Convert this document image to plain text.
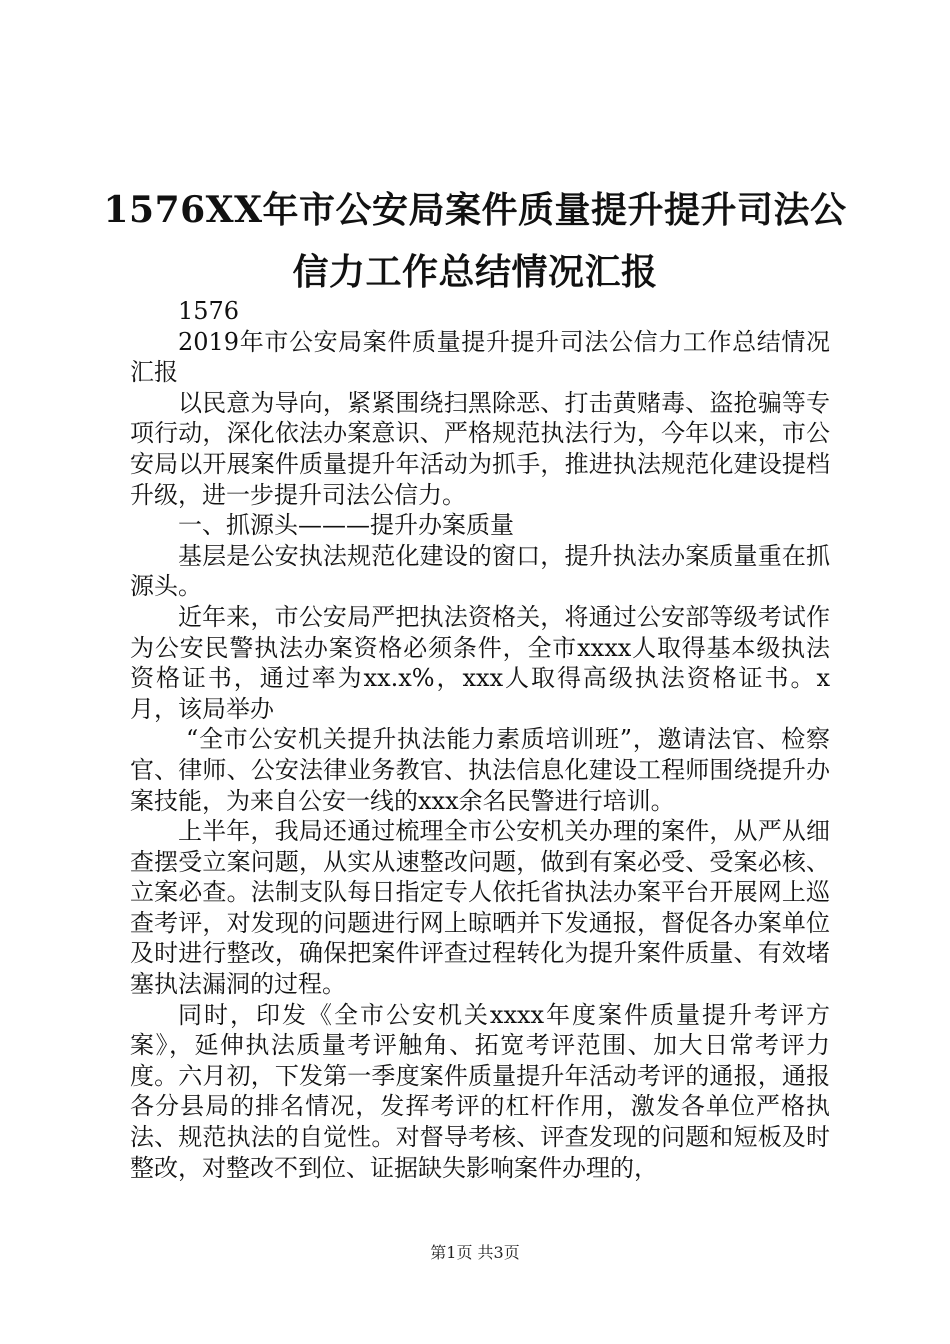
1576XX年市公安局案件质量提升提升司法公
信力工作总结情况汇报

1576

2019年市公安局案件质量提升提升司法公信力工作总结情况汇报

以民意为导向，紧紧围绕扫黑除恶、打击黄赌毒、盗抢骗等专项行动，深化依法办案意识、严格规范执法行为，今年以来，市公安局以开展案件质量提升年活动为抓手，推进执法规范化建设提档升级，进一步提升司法公信力。

一、抓源头———提升办案质量

基层是公安执法规范化建设的窗口，提升执法办案质量重在抓源头。

近年来，市公安局严把执法资格关，将通过公安部等级考试作为公安民警执法办案资格必须条件，全市xxxx人取得基本级执法资格证书，通过率为xx.x%，xxx人取得高级执法资格证书。x月，该局举办

“全市公安机关提升执法能力素质培训班”，邀请法官、检察官、律师、公安法律业务教官、执法信息化建设工程师围绕提升办案技能，为来自公安一线的xxx余名民警进行培训。

上半年，我局还通过梳理全市公安机关办理的案件，从严从细查摆受立案问题，从实从速整改问题，做到有案必受、受案必核、立案必查。法制支队每日指定专人依托省执法办案平台开展网上巡查考评，对发现的问题进行网上晾晒并下发通报，督促各办案单位及时进行整改，确保把案件评查过程转化为提升案件质量、有效堵塞执法漏洞的过程。

同时，印发《全市公安机关xxxx年度案件质量提升考评方案》，延伸执法质量考评触角、拓宽考评范围、加大日常考评力度。六月初，下发第一季度案件质量提升年活动考评的通报，通报各分县局的排名情况，发挥考评的杠杆作用，激发各单位严格执法、规范执法的自觉性。对督导考核、评查发现的问题和短板及时整改，对整改不到位、证据缺失影响案件办理的，

第1页 共3页
